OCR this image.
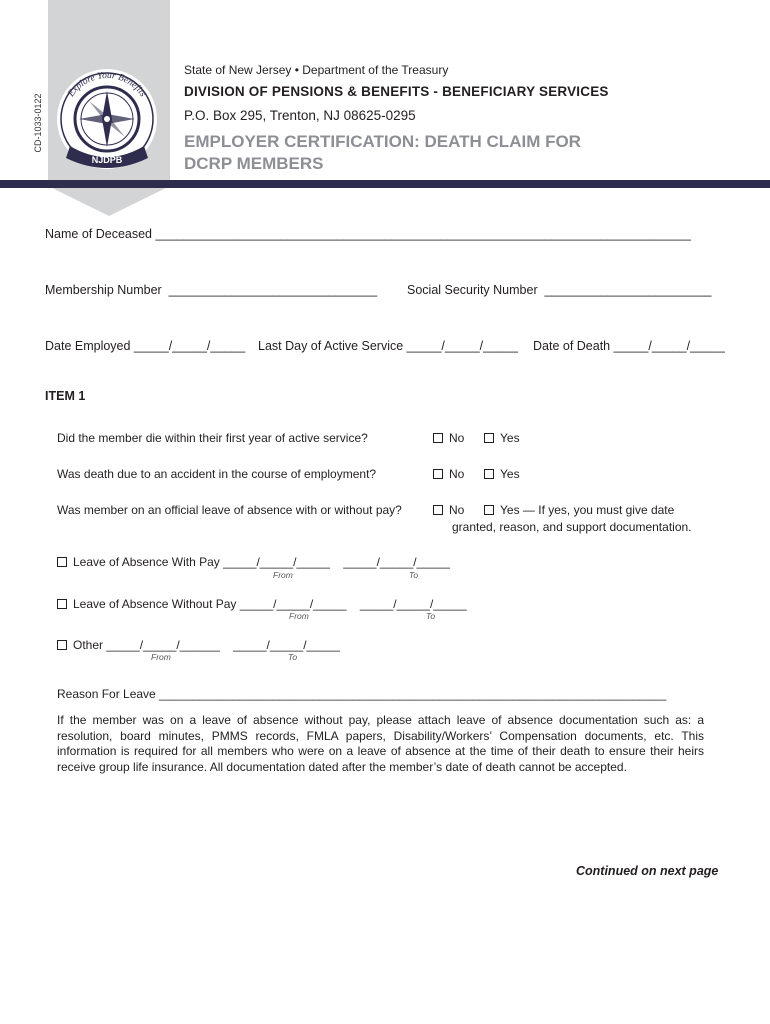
NJDPB
Explore Your Benefits
CD-1033-0122
State of New Jersey • Department of the Treasury
DIVISION OF PENSIONS & BENEFITS - BENEFICIARY SERVICES
P.O. Box 295, Trenton, NJ 08625-0295
EMPLOYER CERTIFICATION: DEATH CLAIM FOR
DCRP MEMBERS
Name of Deceased _____________________________________________________________________________
Membership Number  ______________________________ Social Security Number  ________________________
Date Employed _____/_____/_____ Last Day of Active Service _____/_____/_____ Date of Death _____/_____/_____
ITEM 1
Did the member die within their first year of active service?	No	Yes
Was death due to an accident in the course of employment?	No	Yes
Was member on an official leave of absence with or without pay?	No	Yes — If yes, you must give date
granted, reason, and support documentation.
Leave of Absence With Pay _____/_____/_____    _____/_____/_____
From	To
Leave of Absence Without Pay _____/_____/_____    _____/_____/_____
From	To
Other _____/_____/______    _____/_____/_____
From	To
Reason For Leave ____________________________________________________________________________
If the member was on a leave of absence without pay, please attach leave of absence documentation such as: a resolution, board minutes, PMMS records, FMLA papers, Disability/Workers’ Compensation documents, etc. This information is required for all members who were on a leave of absence at the time of their death to ensure their heirs receive group life insurance. All documentation dated after the member’s date of death cannot be accepted.
Continued on next page
